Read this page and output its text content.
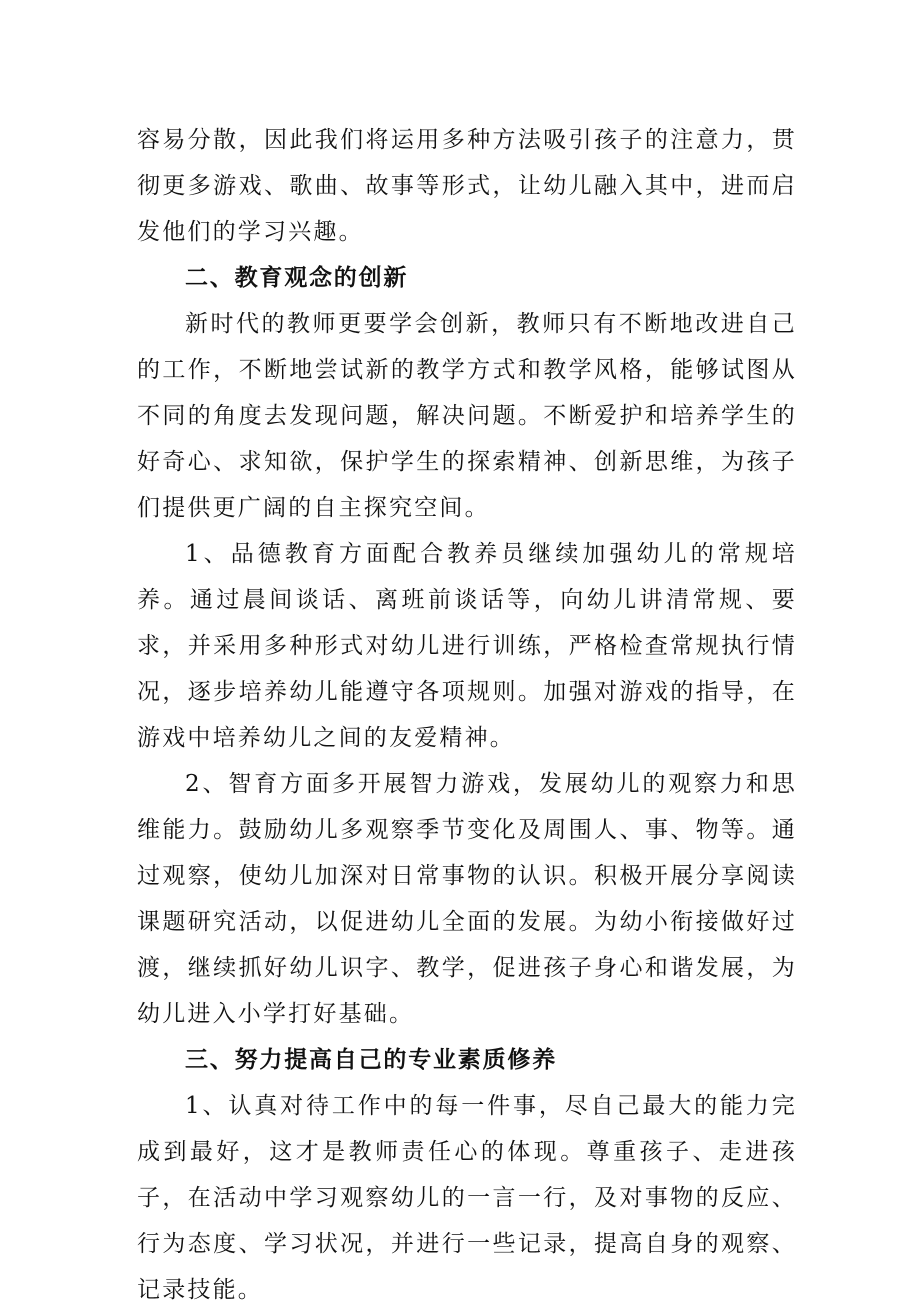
容易分散，因此我们将运用多种方法吸引孩子的注意力，贯彻更多游戏、歌曲、故事等形式，让幼儿融入其中，进而启发他们的学习兴趣。

二、教育观念的创新

新时代的教师更要学会创新，教师只有不断地改进自己的工作，不断地尝试新的教学方式和教学风格，能够试图从不同的角度去发现问题，解决问题。不断爱护和培养学生的好奇心、求知欲，保护学生的探索精神、创新思维，为孩子们提供更广阔的自主探究空间。

1、品德教育方面配合教养员继续加强幼儿的常规培养。通过晨间谈话、离班前谈话等，向幼儿讲清常规、要求，并采用多种形式对幼儿进行训练，严格检查常规执行情况，逐步培养幼儿能遵守各项规则。加强对游戏的指导，在游戏中培养幼儿之间的友爱精神。

2、智育方面多开展智力游戏，发展幼儿的观察力和思维能力。鼓励幼儿多观察季节变化及周围人、事、物等。通过观察，使幼儿加深对日常事物的认识。积极开展分享阅读课题研究活动，以促进幼儿全面的发展。为幼小衔接做好过渡，继续抓好幼儿识字、教学，促进孩子身心和谐发展，为幼儿进入小学打好基础。

三、努力提高自己的专业素质修养

1、认真对待工作中的每一件事，尽自己最大的能力完成到最好，这才是教师责任心的体现。尊重孩子、走进孩子，在活动中学习观察幼儿的一言一行，及对事物的反应、行为态度、学习状况，并进行一些记录，提高自身的观察、记录技能。
